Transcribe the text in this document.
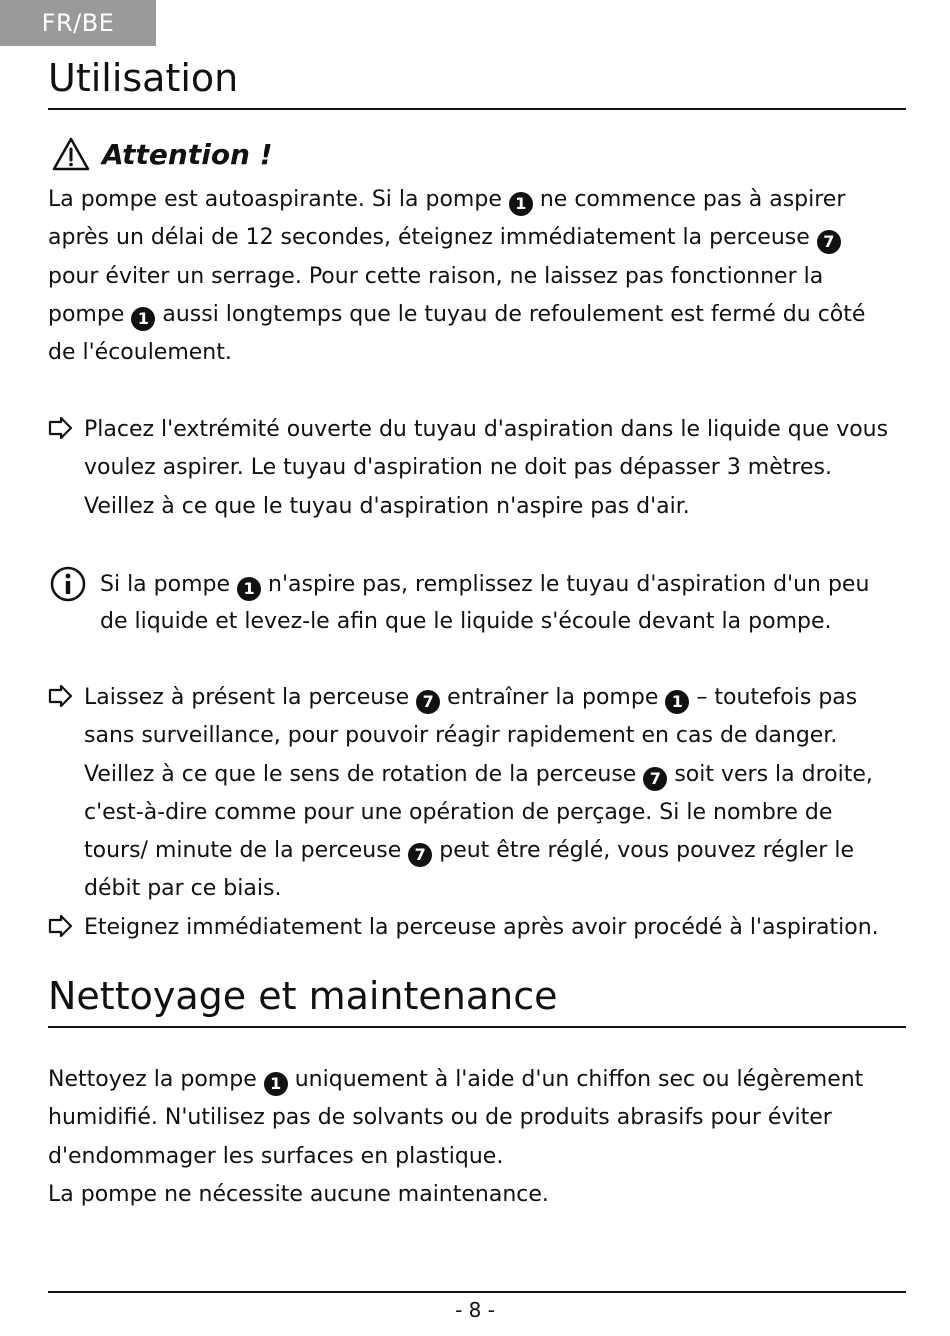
FR/BE
Utilisation
Attention !

La pompe est autoaspirante. Si la pompe 1 ne commence pas à aspirer après un délai de 12 secondes, éteignez immédiatement la perceuse 7 pour éviter un serrage. Pour cette raison, ne laissez pas fonctionner la pompe 1 aussi longtemps que le tuyau de refoulement est fermé du côté de l'écoulement.

Placez l'extrémité ouverte du tuyau d'aspiration dans le liquide que vous voulez aspirer. Le tuyau d'aspiration ne doit pas dépasser 3 mètres. Veillez à ce que le tuyau d'aspiration n'aspire pas d'air.

Si la pompe 1 n'aspire pas, remplissez le tuyau d'aspiration d'un peu de liquide et levez-le afin que le liquide s'écoule devant la pompe.

Laissez à présent la perceuse 7 entraîner la pompe 1 – toutefois pas sans surveillance, pour pouvoir réagir rapidement en cas de danger. Veillez à ce que le sens de rotation de la perceuse 7 soit vers la droite, c'est-à-dire comme pour une opération de perçage. Si le nombre de tours/ minute de la perceuse 7 peut être réglé, vous pouvez régler le débit par ce biais.

Eteignez immédiatement la perceuse après avoir procédé à l'aspiration.

Nettoyage et maintenance

Nettoyez la pompe 1 uniquement à l'aide d'un chiffon sec ou légèrement humidifié. N'utilisez pas de solvants ou de produits abrasifs pour éviter d'endommager les surfaces en plastique.
La pompe ne nécessite aucune maintenance.

- 8 -
